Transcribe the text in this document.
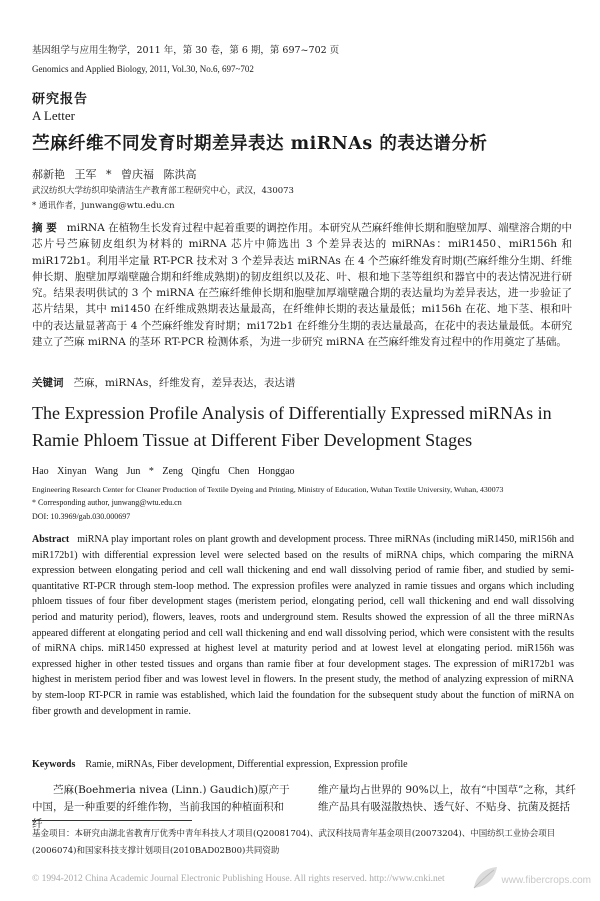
基因组学与应用生物学，2011 年，第 30 卷，第 6 期，第 697~702 页
Genomics and Applied Biology, 2011, Vol.30, No.6, 697~702
研究报告
A Letter
苎麻纤维不同发育时期差异表达 miRNAs 的表达谱分析
郝新艳 王军 * 曾庆福 陈洪高
武汉纺织大学纺织印染清洁生产教育部工程研究中心，武汉，430073
* 通讯作者，junwang@wtu.edu.cn
摘 要 miRNA 在植物生长发育过程中起着重要的调控作用。本研究从苎麻纤维伸长期和胞壁加厚、端壁溶合期的中芯片号苎麻韧皮组织为材料的 miRNA 芯片中筛选出 3 个差异表达的 miRNAs：miR1450、miR156h 和 miR172b1。利用半定量 RT-PCR 技术对 3 个差异表达 miRNAs 在 4 个苎麻纤维发育时期(苎麻纤维分生期、纤维伸长期、胞壁加厚端壁融合期和纤维成熟期)的韧皮组织以及花、叶、根和地下茎等组织和器官中的表达情况进行研究。结果表明供试的 3 个 miRNA 在苎麻纤维伸长期和胞壁加厚端壁融合期的表达量均为差异表达，进一步验证了芯片结果，其中 mi1450 在纤维成熟期表达量最高，在纤维伸长期的表达量最低；mi156h 在花、地下茎、根和叶中的表达量显著高于 4 个苎麻纤维发育时期；mi172b1 在纤维分生期的表达量最高，在花中的表达量最低。本研究建立了苎麻 miRNA 的茎环 RT-PCR 检测体系，为进一步研究 miRNA 在苎麻纤维发育过程中的作用奠定了基础。
关键词 苎麻，miRNAs，纤维发育，差异表达，表达谱
The Expression Profile Analysis of Differentially Expressed miRNAs in Ramie Phloem Tissue at Different Fiber Development Stages
Hao Xinyan Wang Jun * Zeng Qingfu Chen Honggao
Engineering Research Center for Cleaner Production of Textile Dyeing and Printing, Ministry of Education, Wuhan Textile University, Wuhan, 430073
* Corresponding author, junwang@wtu.edu.cn
DOI: 10.3969/gab.030.000697
Abstract miRNA play important roles on plant growth and development process. Three miRNAs (including miR1450, miR156h and miR172b1) with differential expression level were selected based on the results of miRNA chips, which comparing the miRNA expression between elongating period and cell wall thickening and end wall dissolving period of ramie fiber, and studied by semi-quantitative RT-PCR through stem-loop method. The expression profiles were analyzed in ramie tissues and organs which including phloem tissues of four fiber development stages (meristem period, elongating period, cell wall thickening and end wall dissolving period and maturity period), flowers, leaves, roots and underground stem. Results showed the expression of all the three miRNAs appeared different at elongating period and cell wall thickening and end wall dissolving period, which were consistent with the results of miRNA chips. miR1450 expressed at highest level at maturity period and at lowest level at elongating period. miR156h was expressed higher in other tested tissues and organs than ramie fiber at four development stages. The expression of miR172b1 was highest in meristem period fiber and was lowest level in flowers. In the present study, the method of analyzing expression of miRNA by stem-loop RT-PCR in ramie was established, which laid the foundation for the subsequent study about the function of miRNA on fiber growth and development in ramie.
Keywords Ramie, miRNAs, Fiber development, Differential expression, Expression profile
苎麻(Boehmeria nivea (Linn.) Gaudich)原产于中国，是一种重要的纤维作物，当前我国的种植面积和纤
维产量均占世界的 90%以上，故有“中国草”之称，其纤维产品具有吸湿散热快、透气好、不贴身、抗菌及挺括
基金项目：本研究由湖北省教育厅优秀中青年科技人才项目(Q20081704)、武汉科技局青年基金项目(20073204)、中国纺织工业协会项目(2006074)和国家科技支撑计划项目(2010BAD02B00)共同资助
© 1994-2012 China Academic Journal Electronic Publishing House. All rights reserved. http://www.cnki.net	www.fibercrops.com
